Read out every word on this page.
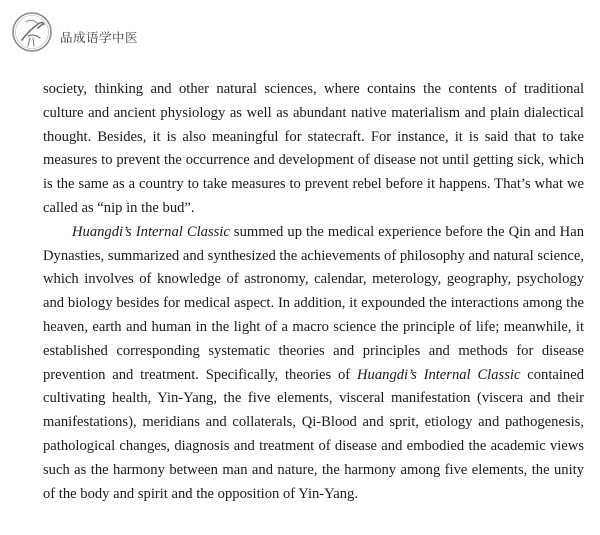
品成语学中医

society, thinking and other natural sciences, where contains the contents of traditional culture and ancient physiology as well as abundant native materialism and plain dialectical thought. Besides, it is also meaningful for statecraft. For instance, it is said that to take measures to prevent the occurrence and development of disease not until getting sick, which is the same as a country to take measures to prevent rebel before it happens. That’s what we called as “nip in the bud”.

Huangdi’s Internal Classic summed up the medical experience before the Qin and Han Dynasties, summarized and synthesized the achievements of philosophy and natural science, which involves of knowledge of astronomy, calendar, meterology, geography, psychology and biology besides for medical aspect. In addition, it expounded the interactions among the heaven, earth and human in the light of a macro science the principle of life; meanwhile, it established corresponding systematic theories and principles and methods for disease prevention and treatment. Specifically, theories of Huangdi’s Internal Classic contained cultivating health, Yin-Yang, the five elements, visceral manifestation (viscera and their manifestations), meridians and collaterals, Qi-Blood and sprit, etiology and pathogenesis, pathological changes, diagnosis and treatment of disease and embodied the academic views such as the harmony between man and nature, the harmony among five elements, the unity of the body and spirit and the opposition of Yin-Yang.
